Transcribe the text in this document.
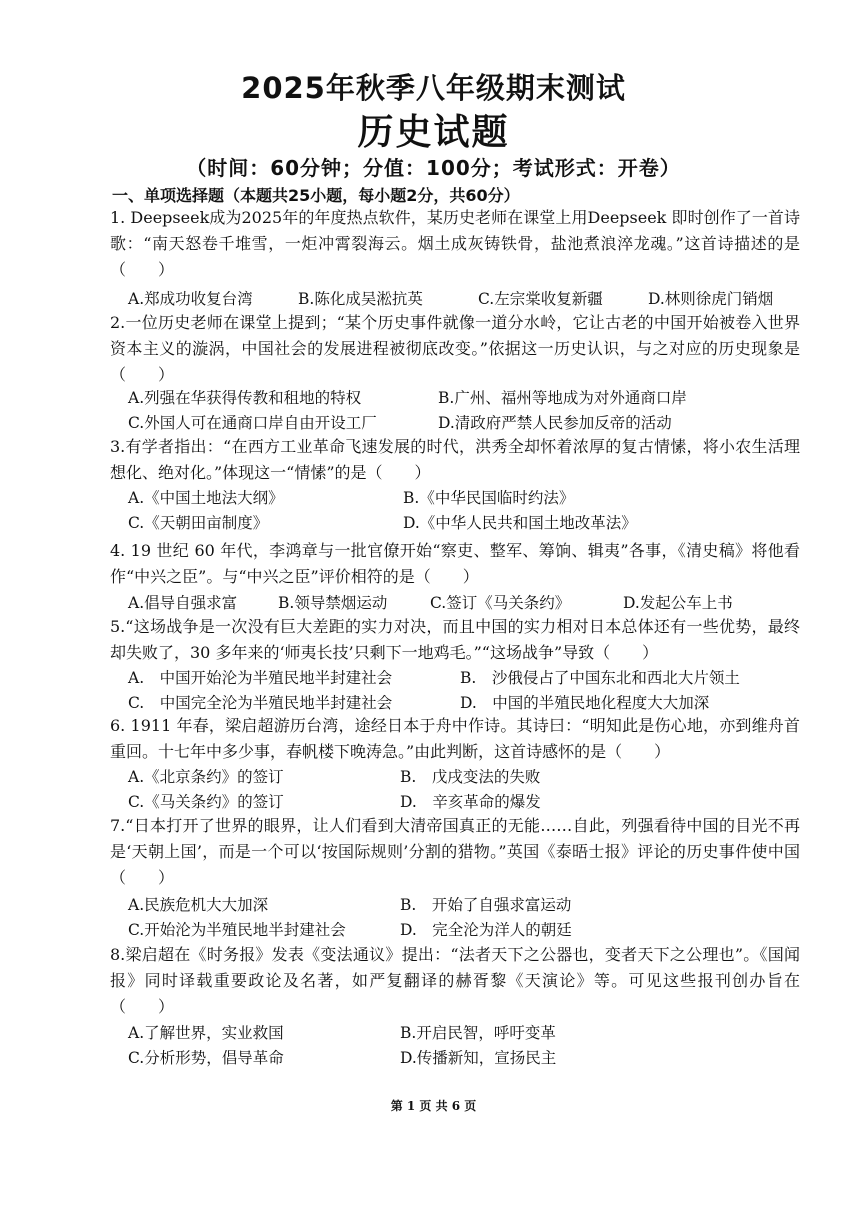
2025年秋季八年级期末测试
历史试题
（时间：60分钟；分值：100分；考试形式：开卷）
一、单项选择题（本题共25小题，每小题2分，共60分）
1. Deepseek成为2025年的年度热点软件，某历史老师在课堂上用Deepseek 即时创作了一首诗歌：“南天怒卷千堆雪，一炬冲霄裂海云。烟土成灰铸铁骨，盐池煮浪淬龙魂。”这首诗描述的是（　　）
A.郑成功收复台湾	B.陈化成吴淞抗英	C.左宗棠收复新疆	D.林则徐虎门销烟
2.一位历史老师在课堂上提到；“某个历史事件就像一道分水岭，它让古老的中国开始被卷入世界资本主义的漩涡，中国社会的发展进程被彻底改变。”依据这一历史认识，与之对应的历史现象是（　　）
A.列强在华获得传教和租地的特权	B.广州、福州等地成为对外通商口岸
C.外国人可在通商口岸自由开设工厂	D.清政府严禁人民参加反帝的活动
3.有学者指出：“在西方工业革命飞速发展的时代，洪秀全却怀着浓厚的复古情愫，将小农生活理想化、绝对化。”体现这一“情愫”的是（　　）
A.《中国土地法大纲》	B.《中华民国临时约法》
C.《天朝田亩制度》	D.《中华人民共和国土地改革法》
4. 19 世纪 60 年代，李鸿章与一批官僚开始“察吏、整军、筹饷、辑夷”各事，《清史稿》将他看作“中兴之臣”。与“中兴之臣”评价相符的是（　　）
A.倡导自强求富	B.领导禁烟运动	C.签订《马关条约》	D.发起公车上书
5.“这场战争是一次没有巨大差距的实力对决，而且中国的实力相对日本总体还有一些优势，最终却失败了，30 多年来的‘师夷长技’只剩下一地鸡毛。”“这场战争”导致（　　）
A.　中国开始沦为半殖民地半封建社会	B.　沙俄侵占了中国东北和西北大片领土
C.　中国完全沦为半殖民地半封建社会	D.　中国的半殖民地化程度大大加深
6. 1911 年春，梁启超游历台湾，途经日本于舟中作诗。其诗曰：“明知此是伤心地，亦到维舟首重回。十七年中多少事，春帆楼下晚涛急。”由此判断，这首诗感怀的是（　　）
A.《北京条约》的签订	B.　戊戌变法的失败
C.《马关条约》的签订	D.　辛亥革命的爆发
7.“日本打开了世界的眼界，让人们看到大清帝国真正的无能……自此，列强看待中国的目光不再是‘天朝上国’，而是一个可以‘按国际规则’分割的猎物。”英国《泰晤士报》评论的历史事件使中国（　　）
A.民族危机大大加深	B.　开始了自强求富运动
C.开始沦为半殖民地半封建社会	D.　完全沦为洋人的朝廷
8.梁启超在《时务报》发表《变法通议》提出：“法者天下之公器也，变者天下之公理也”。《国闻报》同时译载重要政论及名著，如严复翻译的赫胥黎《天演论》等。可见这些报刊创办旨在（　　）
A.了解世界，实业救国	B.开启民智，呼吁变革
C.分析形势，倡导革命	D.传播新知，宣扬民主
第 1 页 共 6 页
